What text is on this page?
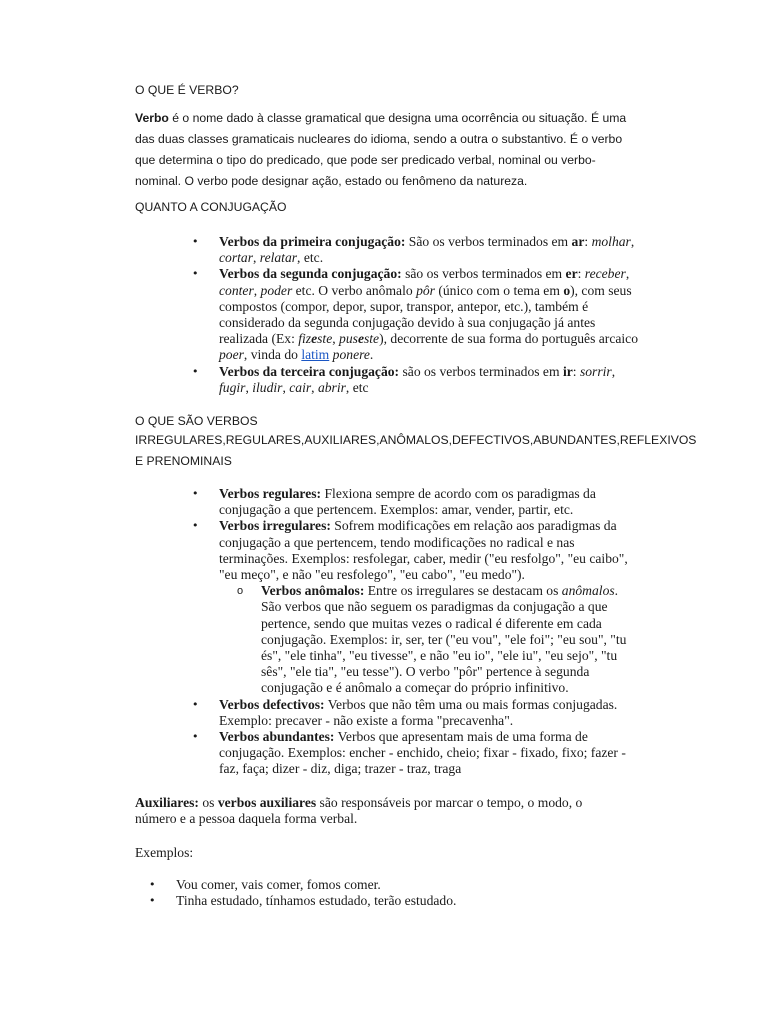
O QUE É VERBO?

Verbo é o nome dado à classe gramatical que designa uma ocorrência ou situação. É uma das duas classes gramaticais nucleares do idioma, sendo a outra o substantivo. É o verbo que determina o tipo do predicado, que pode ser predicado verbal, nominal ou verbo-nominal. O verbo pode designar ação, estado ou fenômeno da natureza.

QUANTO A CONJUGAÇÃO

• Verbos da primeira conjugação: São os verbos terminados em ar: molhar, cortar, relatar, etc.
• Verbos da segunda conjugação: são os verbos terminados em er: receber, conter, poder etc. O verbo anômalo pôr (único com o tema em o), com seus compostos (compor, depor, supor, transpor, antepor, etc.), também é considerado da segunda conjugação devido à sua conjugação já antes realizada (Ex: fizeste, puseste), decorrente de sua forma do português arcaico poer, vinda do latim ponere.
• Verbos da terceira conjugação: são os verbos terminados em ir: sorrir, fugir, iludir, cair, abrir, etc

O QUE SÃO VERBOS

IRREGULARES,REGULARES,AUXILIARES,ANÔMALOS,DEFECTIVOS,ABUNDANTES,REFLEXIVOS E PRENOMINAIS

• Verbos regulares: Flexiona sempre de acordo com os paradigmas da conjugação a que pertencem. Exemplos: amar, vender, partir, etc.
• Verbos irregulares: Sofrem modificações em relação aos paradigmas da conjugação a que pertencem, tendo modificações no radical e nas terminações. Exemplos: resfolegar, caber, medir ("eu resfolgo", "eu caibo", "eu meço", e não "eu resfolego", "eu cabo", "eu medo").
o Verbos anômalos: Entre os irregulares se destacam os anômalos. São verbos que não seguem os paradigmas da conjugação a que pertence, sendo que muitas vezes o radical é diferente em cada conjugação. Exemplos: ir, ser, ter ("eu vou", "ele foi"; "eu sou", "tu és", "ele tinha", "eu tivesse", e não "eu io", "ele iu", "eu sejo", "tu sês", "ele tia", "eu tesse"). O verbo "pôr" pertence à segunda conjugação e é anômalo a começar do próprio infinitivo.
• Verbos defectivos: Verbos que não têm uma ou mais formas conjugadas. Exemplo: precaver - não existe a forma "precavenha".
• Verbos abundantes: Verbos que apresentam mais de uma forma de conjugação. Exemplos: encher - enchido, cheio; fixar - fixado, fixo; fazer - faz, faça; dizer - diz, diga; trazer - traz, traga

Auxiliares: os verbos auxiliares são responsáveis por marcar o tempo, o modo, o número e a pessoa daquela forma verbal.

Exemplos:

• Vou comer, vais comer, fomos comer.
• Tinha estudado, tínhamos estudado, terão estudado.
